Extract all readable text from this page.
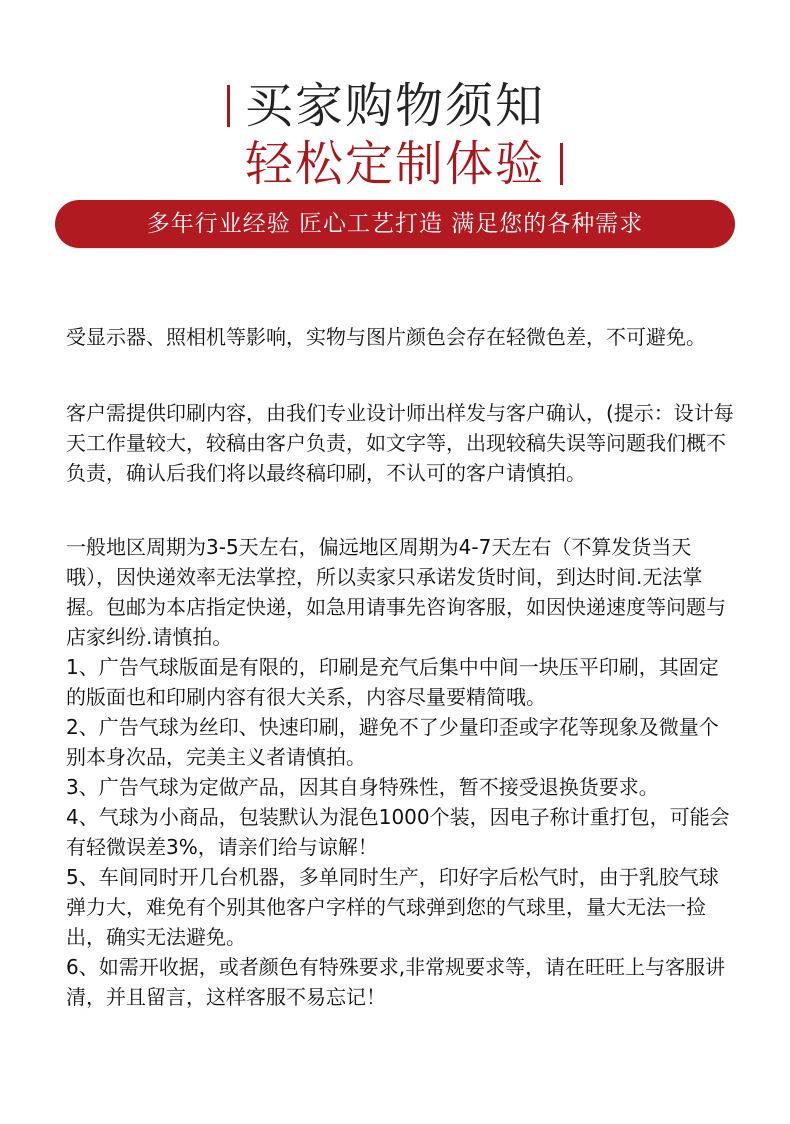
买家购物须知
轻松定制体验
多年行业经验 匠心工艺打造 满足您的各种需求

受显示器、照相机等影响，实物与图片颜色会存在轻微色差，不可避免。

客户需提供印刷内容，由我们专业设计师出样发与客户确认，(提示：设计每天工作量较大，较稿由客户负责，如文字等，出现较稿失误等问题我们概不负责，确认后我们将以最终稿印刷，不认可的客户请慎拍。

一般地区周期为3-5天左右，偏远地区周期为4-7天左右（不算发货当天哦），因快递效率无法掌控，所以卖家只承诺发货时间，到达时间.无法掌握。包邮为本店指定快递，如急用请事先咨询客服，如因快递速度等问题与店家纠纷.请慎拍。

1、广告气球版面是有限的，印刷是充气后集中中间一块压平印刷，其固定的版面也和印刷内容有很大关系，内容尽量要精简哦。
2、广告气球为丝印、快速印刷，避免不了少量印歪或字花等现象及微量个别本身次品，完美主义者请慎拍。
3、广告气球为定做产品，因其自身特殊性，暂不接受退换货要求。
4、气球为小商品，包装默认为混色1000个装，因电子称计重打包，可能会有轻微误差3%，请亲们给与谅解！
5、车间同时开几台机器，多单同时生产，印好字后松气时，由于乳胶气球弹力大，难免有个别其他客户字样的气球弹到您的气球里，量大无法一捡出，确实无法避免。
6、如需开收据，或者颜色有特殊要求,非常规要求等，请在旺旺上与客服讲清，并且留言，这样客服不易忘记！
